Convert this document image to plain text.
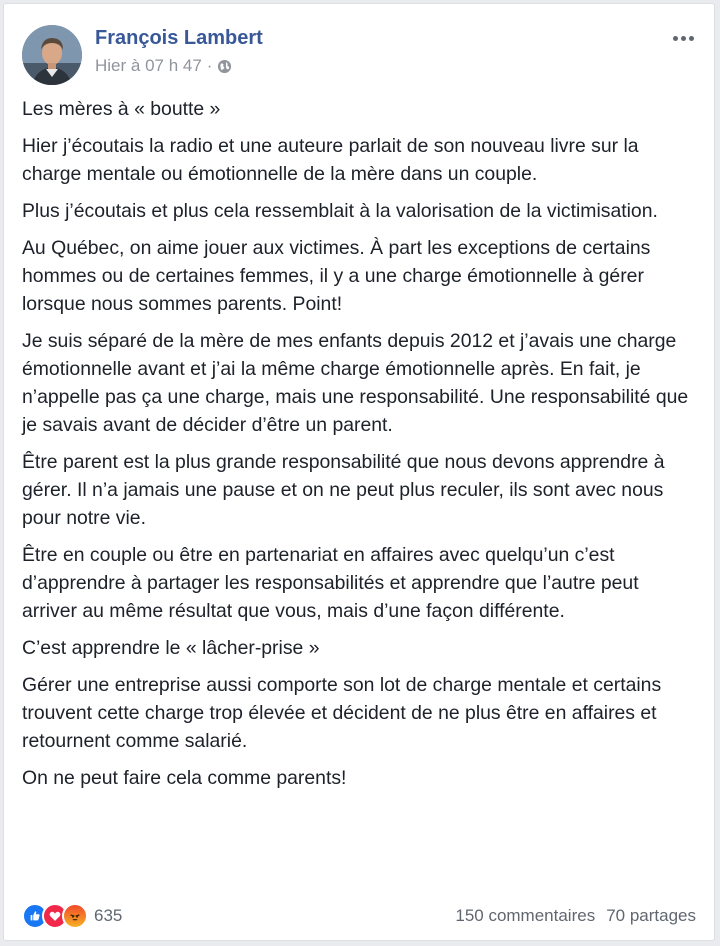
François Lambert
Hier à 07 h 47 ·

Les mères à « boutte »

Hier j’écoutais la radio et une auteure parlait de son nouveau livre sur la charge mentale ou émotionnelle de la mère dans un couple.

Plus j’écoutais et plus cela ressemblait à la valorisation de la victimisation.

Au Québec, on aime jouer aux victimes. À part les exceptions de certains hommes ou de certaines femmes, il y a une charge émotionnelle à gérer lorsque nous sommes parents. Point!

Je suis séparé de la mère de mes enfants depuis 2012 et j’avais une charge émotionnelle avant et j’ai la même charge émotionnelle après. En fait, je n’appelle pas ça une charge, mais une responsabilité. Une responsabilité que je savais avant de décider d’être un parent.

Être parent est la plus grande responsabilité que nous devons apprendre à gérer. Il n’a jamais une pause et on ne peut plus reculer, ils sont avec nous pour notre vie.

Être en couple ou être en partenariat en affaires avec quelqu’un c’est d’apprendre à partager les responsabilités et apprendre que l’autre peut arriver au même résultat que vous, mais d’une façon différente.

C’est apprendre le « lâcher-prise »

Gérer une entreprise aussi comporte son lot de charge mentale et certains trouvent cette charge trop élevée et décident de ne plus être en affaires et retournent comme salarié.

On ne peut faire cela comme parents!

635	150 commentaires 70 partages
